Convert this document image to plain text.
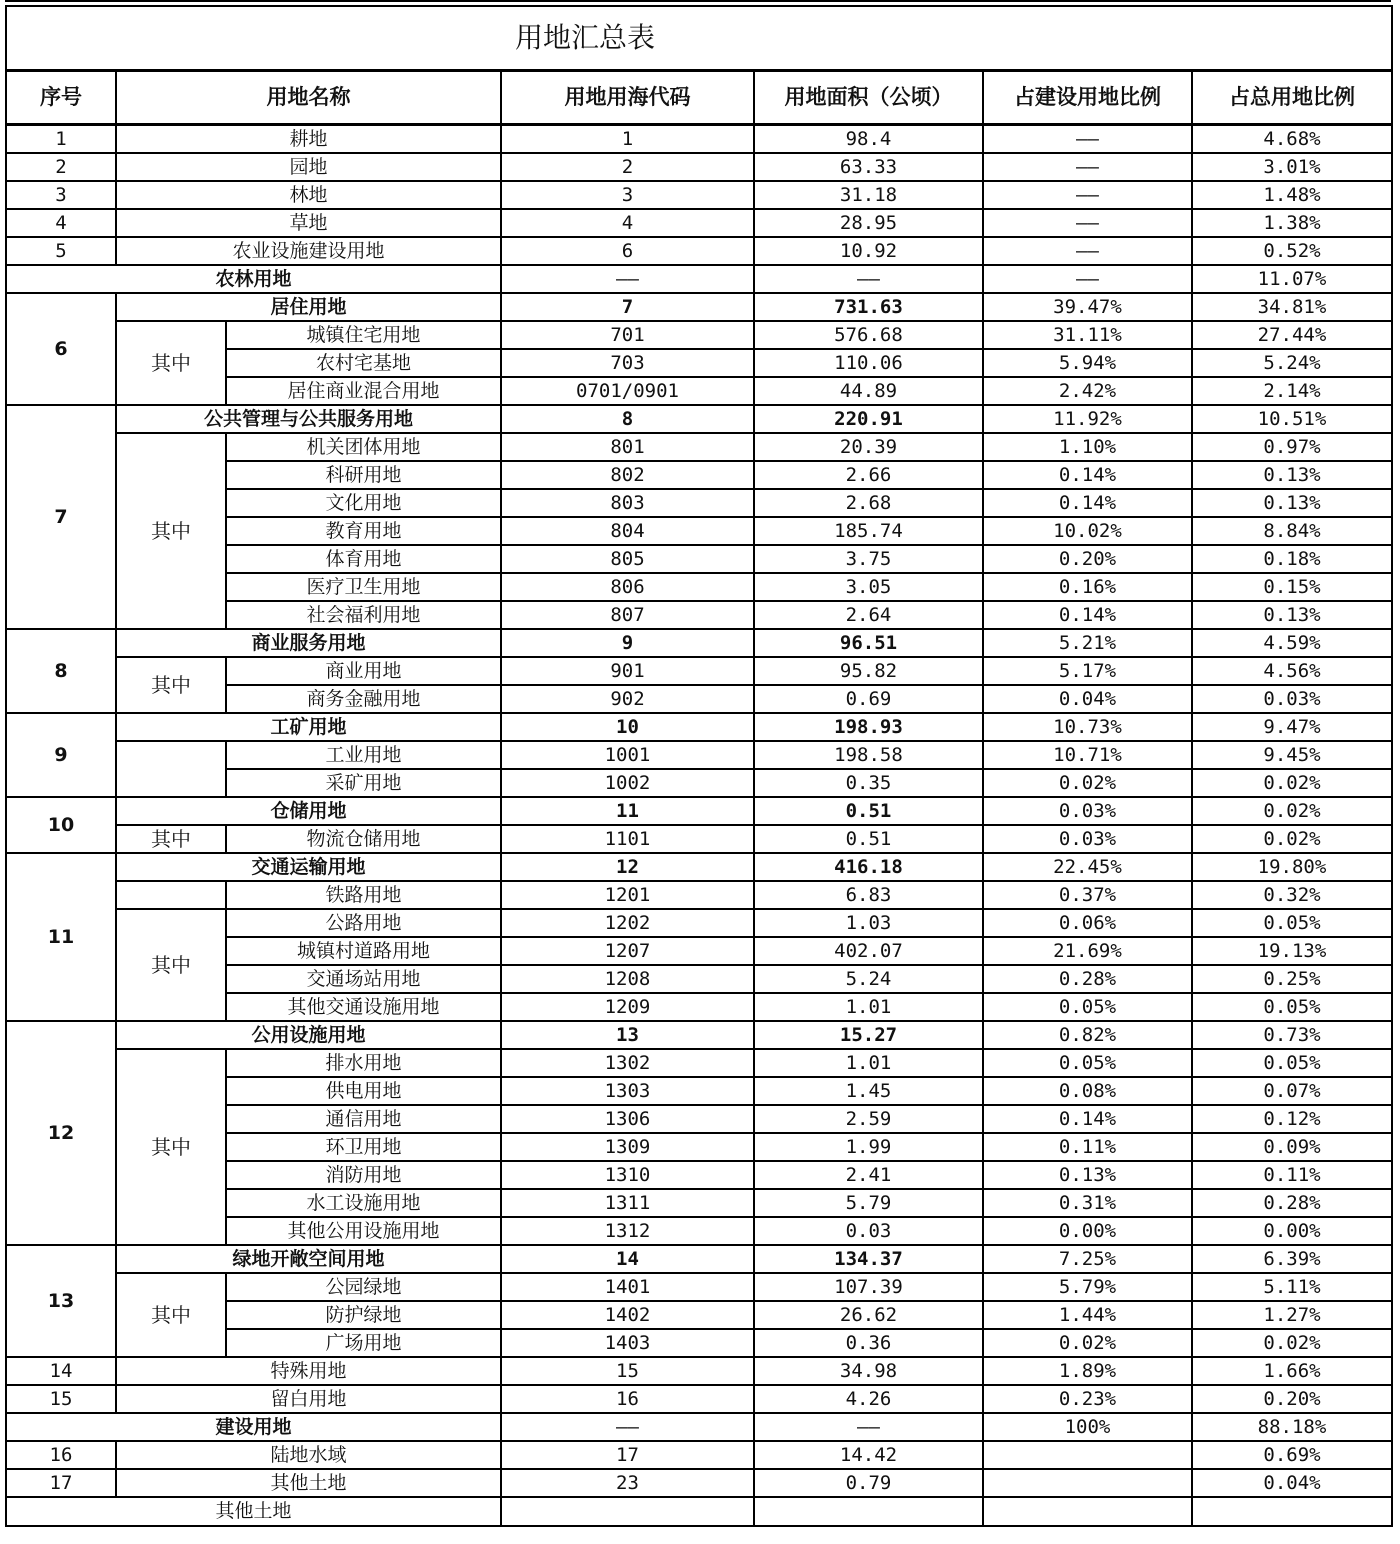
用地汇总表						
序号	用地名称		用地用海代码	用地面积（公顷）	占建设用地比例	占总用地比例
1	耕地		1	98.4	——	4.68%
2	园地		2	63.33	——	3.01%
3	林地		3	31.18	——	1.48%
4	草地		4	28.95	——	1.38%
5	农业设施建设用地		6	10.92	——	0.52%
农林用地			——	——	——	11.07%
6	居住用地		7	731.63	39.47%	34.81%
	其中	城镇住宅用地	701	576.68	31.11%	27.44%
		农村宅基地	703	110.06	5.94%	5.24%
		居住商业混合用地	0701/0901	44.89	2.42%	2.14%
7	公共管理与公共服务用地		8	220.91	11.92%	10.51%
	其中	机关团体用地	801	20.39	1.10%	0.97%
		科研用地	802	2.66	0.14%	0.13%
		文化用地	803	2.68	0.14%	0.13%
		教育用地	804	185.74	10.02%	8.84%
		体育用地	805	3.75	0.20%	0.18%
		医疗卫生用地	806	3.05	0.16%	0.15%
		社会福利用地	807	2.64	0.14%	0.13%
8	商业服务用地		9	96.51	5.21%	4.59%
	其中	商业用地	901	95.82	5.17%	4.56%
		商务金融用地	902	0.69	0.04%	0.03%
9	工矿用地		10	198.93	10.73%	9.47%
		工业用地	1001	198.58	10.71%	9.45%
		采矿用地	1002	0.35	0.02%	0.02%
10	仓储用地		11	0.51	0.03%	0.02%
	其中	物流仓储用地	1101	0.51	0.03%	0.02%
11	交通运输用地		12	416.18	22.45%	19.80%
		铁路用地	1201	6.83	0.37%	0.32%
	其中	公路用地	1202	1.03	0.06%	0.05%
		城镇村道路用地	1207	402.07	21.69%	19.13%
		交通场站用地	1208	5.24	0.28%	0.25%
		其他交通设施用地	1209	1.01	0.05%	0.05%
12	公用设施用地		13	15.27	0.82%	0.73%
	其中	排水用地	1302	1.01	0.05%	0.05%
		供电用地	1303	1.45	0.08%	0.07%
		通信用地	1306	2.59	0.14%	0.12%
		环卫用地	1309	1.99	0.11%	0.09%
		消防用地	1310	2.41	0.13%	0.11%
		水工设施用地	1311	5.79	0.31%	0.28%
		其他公用设施用地	1312	0.03	0.00%	0.00%
13	绿地开敞空间用地		14	134.37	7.25%	6.39%
	其中	公园绿地	1401	107.39	5.79%	5.11%
		防护绿地	1402	26.62	1.44%	1.27%
		广场用地	1403	0.36	0.02%	0.02%
14	特殊用地		15	34.98	1.89%	1.66%
15	留白用地		16	4.26	0.23%	0.20%
建设用地			——	——	100%	88.18%
16	陆地水域		17	14.42		0.69%
17	其他土地		23	0.79		0.04%
其他土地						
